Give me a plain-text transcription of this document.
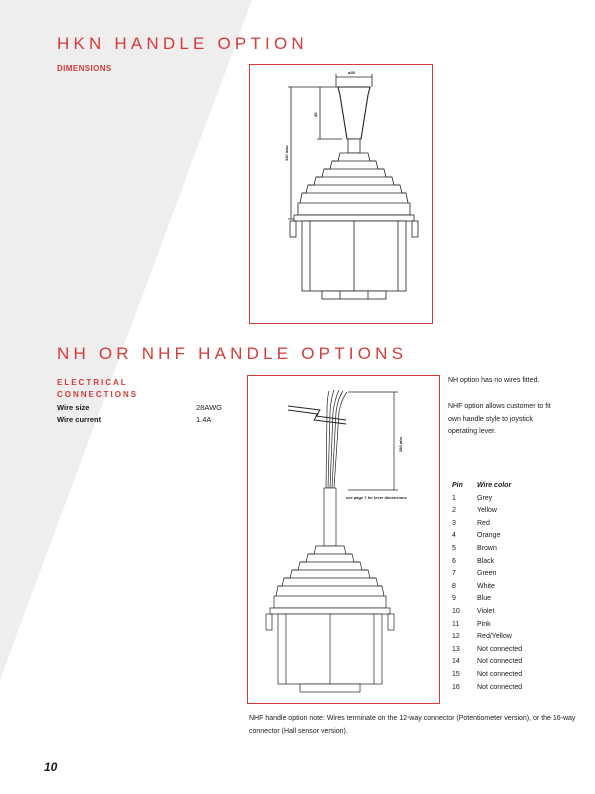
HKN HANDLE OPTION
DIMENSIONS	ø35
45
110 max
NH OR NHF HANDLE OPTIONS
ELECTRICAL
CONNECTIONS
Wire size	28AWG
Wire current	1.4A
280 min
see page 7 for lever dimensions
NH option has no wires fitted.
NHF option allows customer to fit own handle style to joystick operating lever.
Pin Wire color
1	Grey
2	Yellow
3	Red
4	Orange
5	Brown
6	Black
7	Green
8	White
9	Blue
10 Violet
11	Pink
12 Red/Yellow
13 Not connected
14 Not connected
15 Not connected
16 Not connected
NHF handle option note: Wires terminate on the 12-way connector (Potentiometer version), or the 16-way connector (Hall sensor version).
10
